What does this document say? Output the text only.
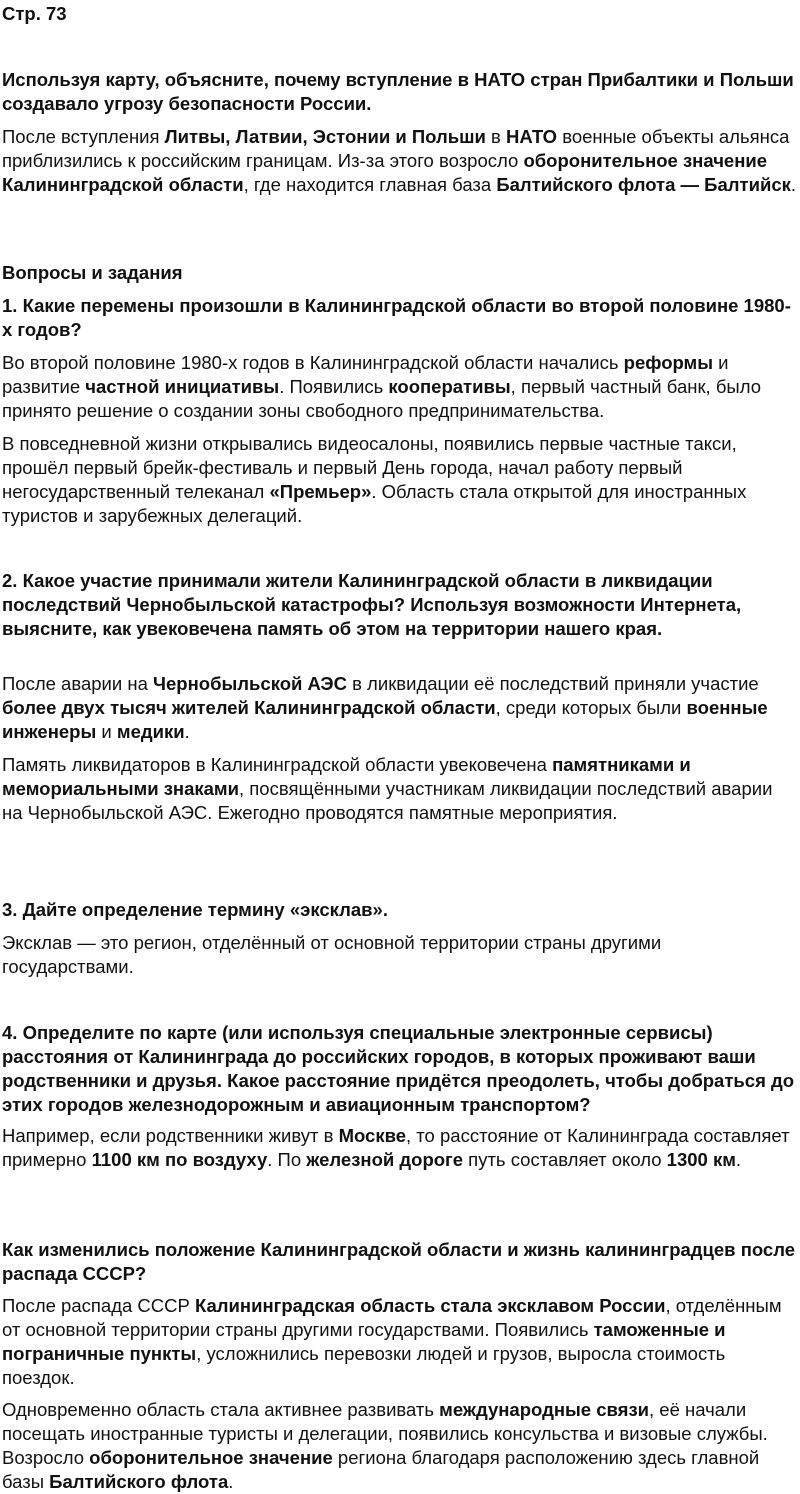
Стр. 73
Используя карту, объясните, почему вступление в НАТО стран Прибалтики и Польши создавало угрозу безопасности России.
После вступления Литвы, Латвии, Эстонии и Польши в НАТО военные объекты альянса приблизились к российским границам. Из-за этого возросло оборонительное значение Калининградской области, где находится главная база Балтийского флота — Балтийск.
Вопросы и задания
1. Какие перемены произошли в Калининградской области во второй половине 1980-х годов?
Во второй половине 1980-х годов в Калининградской области начались реформы и развитие частной инициативы. Появились кооперативы, первый частный банк, было принято решение о создании зоны свободного предпринимательства.
В повседневной жизни открывались видеосалоны, появились первые частные такси, прошёл первый брейк-фестиваль и первый День города, начал работу первый негосударственный телеканал «Премьер». Область стала открытой для иностранных туристов и зарубежных делегаций.
2. Какое участие принимали жители Калининградской области в ликвидации последствий Чернобыльской катастрофы? Используя возможности Интернета, выясните, как увековечена память об этом на территории нашего края.
После аварии на Чернобыльской АЭС в ликвидации её последствий приняли участие более двух тысяч жителей Калининградской области, среди которых были военные инженеры и медики.
Память ликвидаторов в Калининградской области увековечена памятниками и мемориальными знаками, посвящёнными участникам ликвидации последствий аварии на Чернобыльской АЭС. Ежегодно проводятся памятные мероприятия.
3. Дайте определение термину «эксклав».
Эксклав — это регион, отделённый от основной территории страны другими государствами.
4. Определите по карте (или используя специальные электронные сервисы) расстояния от Калининграда до российских городов, в которых проживают ваши родственники и друзья. Какое расстояние придётся преодолеть, чтобы добраться до этих городов железнодорожным и авиационным транспортом?
Например, если родственники живут в Москве, то расстояние от Калининграда составляет примерно 1100 км по воздуху. По железной дороге путь составляет около 1300 км.
Как изменились положение Калининградской области и жизнь калининградцев после распада СССР?
После распада СССР Калининградская область стала эксклавом России, отделённым от основной территории страны другими государствами. Появились таможенные и пограничные пункты, усложнились перевозки людей и грузов, выросла стоимость поездок.
Одновременно область стала активнее развивать международные связи, её начали посещать иностранные туристы и делегации, появились консульства и визовые службы. Возросло оборонительное значение региона благодаря расположению здесь главной базы Балтийского флота.
